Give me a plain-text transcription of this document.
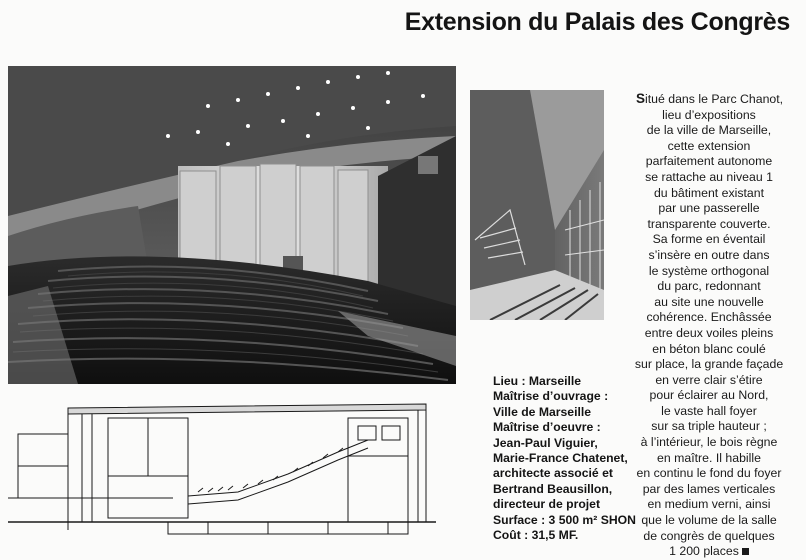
Extension du Palais des Congrès
Lieu : Marseille
Maîtrise d’ouvrage :
Ville de Marseille
Maîtrise d’oeuvre :
Jean-Paul Viguier,
Marie-France Chatenet,
architecte associé et
Bertrand Beausillon,
directeur de projet
Surface : 3 500 m² SHON
Coût : 31,5 MF.
Situé dans le Parc Chanot,
lieu d’expositions
de la ville de Marseille,
cette extension
parfaitement autonome
se rattache au niveau 1
du bâtiment existant
par une passerelle
transparente couverte.
Sa forme en éventail
s’insère en outre dans
le système orthogonal
du parc, redonnant
au site une nouvelle
cohérence. Enchâssée
entre deux voiles pleins
en béton blanc coulé
sur place, la grande façade
en verre clair s’étire
pour éclairer au Nord,
le vaste hall foyer
sur sa triple hauteur ;
à l’intérieur, le bois règne
en maître. Il habille
en continu le fond du foyer
par des lames verticales
en medium verni, ainsi
que le volume de la salle
de congrès de quelques
1 200 places
